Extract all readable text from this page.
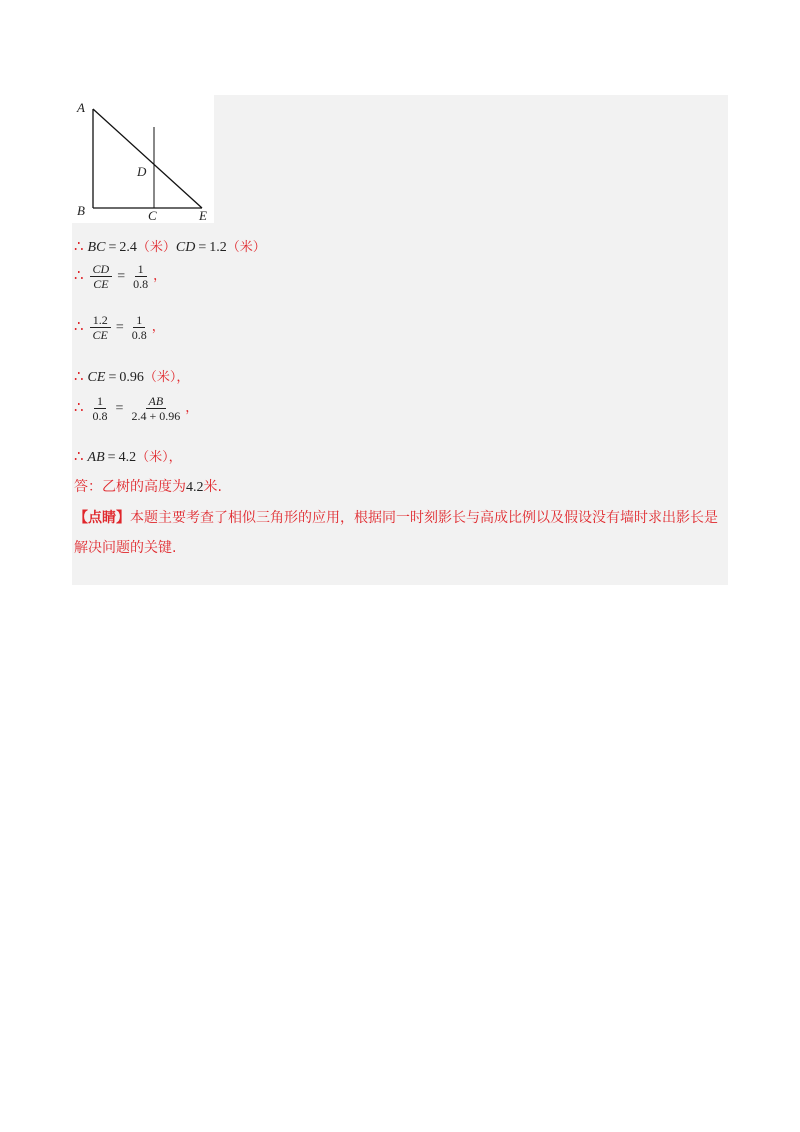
A
B
D
C	E
∴ BC = 2.4（米）CD = 1.2（米）
∴ $\frac{CD}{CE} = \frac{1}{0.8}$ ，
∴ $\frac{1.2}{CE} = \frac{1}{0.8}$ ，
∴ CE = 0.96（米），
∴ $\frac{1}{0.8} = \frac{AB}{2.4 + 0.96}$ ，
∴ AB = 4.2（米），
答：乙树的高度为4.2米.
【点睛】本题主要考查了相似三角形的应用，根据同一时刻影长与高成比例以及假设没有墙时求出影长是解决问题的关键.
